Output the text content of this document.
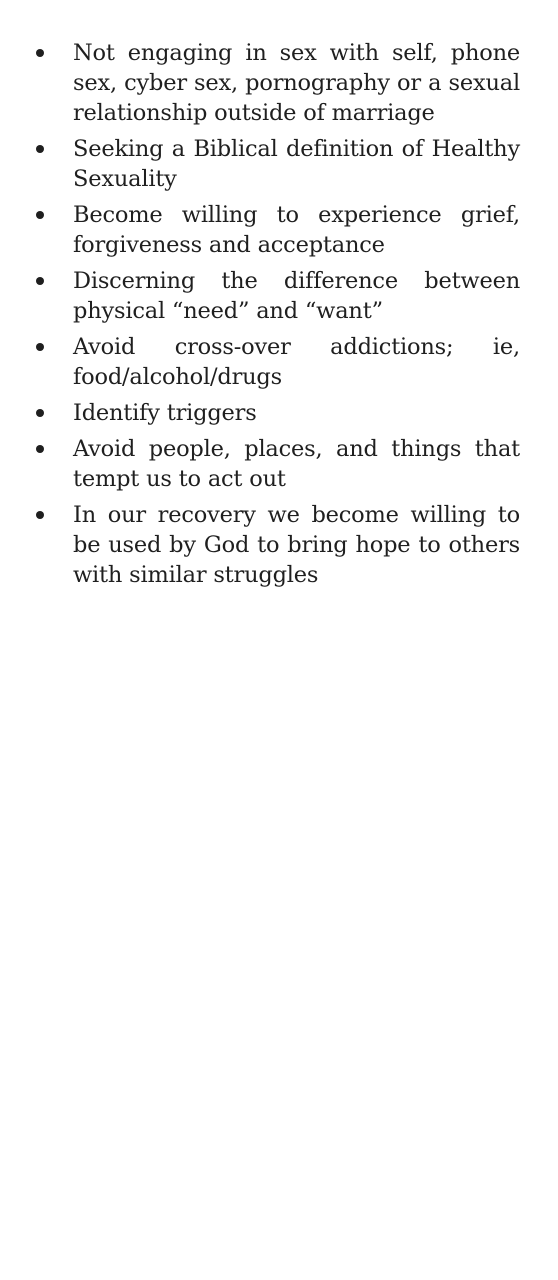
Not engaging in sex with self, phone sex, cyber sex, pornography or a sexual relationship outside of marriage
Seeking a Biblical definition of Healthy Sexuality
Become willing to experience grief, forgiveness and acceptance
Discerning the difference between physical “need” and “want”
Avoid cross-over addictions; ie, food/alcohol/drugs
Identify triggers
Avoid people, places, and things that tempt us to act out
In our recovery we become willing to be used by God to bring hope to others with similar struggles
